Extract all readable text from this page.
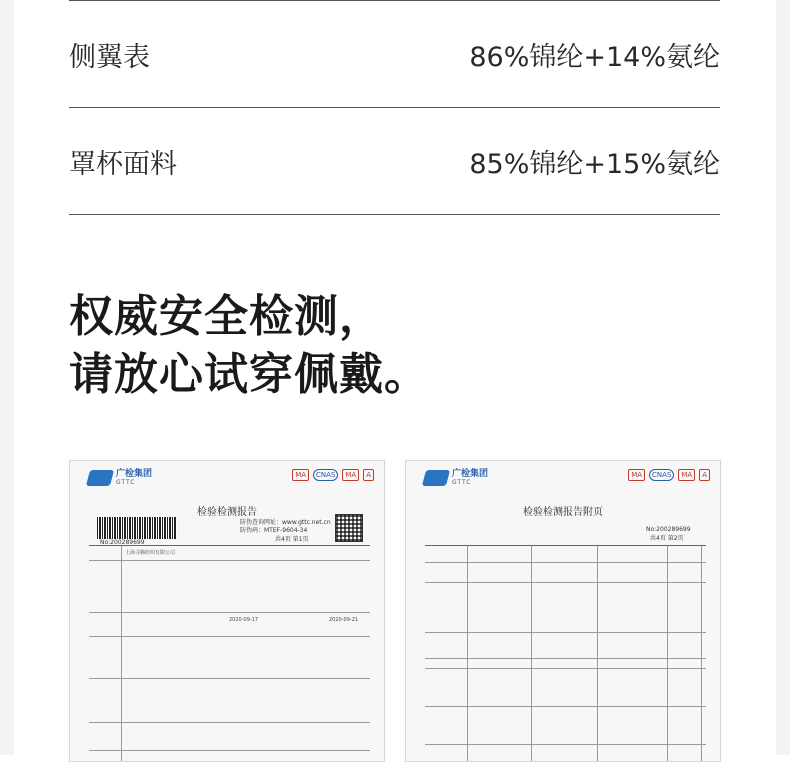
侧翼表	86%锦纶+14%氨纶
罩杯面料	85%锦纶+15%氨纶
权威安全检测，
请放心试穿佩戴。
广检集团
GTTC
MA	CNAS	MA	A
检验检测报告
防伪查询网址：www.gttc.net.cn
防伪码：MTEF-9604-34
共4页 第1页
No:200289699
上海寻腾纺织有限公司
2020-09-17	2020-09-21
广检集团
GTTC
MA	CNAS	MA	A
检验检测报告附页
No:200289699
共4页 第2页
